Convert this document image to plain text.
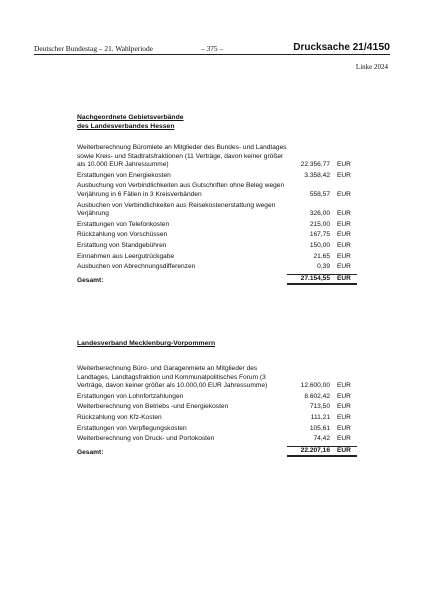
Deutscher Bundestag – 21. Wahlperiode	– 375 –	Drucksache 21/4150
Linke 2024
Nachgeordnete Gebietsverbände
des Landesverbandes Hessen
Weiterberechnung Büromiete an Mitglieder des Bundes- und Landtages sowie Kreis- und Stadtratsfraktionen (11 Verträge, davon keiner größer als 10.000 EUR Jahressumme)	22.356,77	EUR
Erstattungen von Energiekosten	3.358,42	EUR
Ausbuchung von Verbindlichkeiten aus Gutschriften ohne Beleg wegen Verjährung in 6 Fällen in 3 Kreisverbänden	558,57	EUR
Ausbuchen von Verbindlichkeiten aus Reisekostenerstattung wegen Verjährung	326,00	EUR
Erstattungen von Telefonkosten	215,00	EUR
Rückzahlung von Vorschüssen	167,75	EUR
Erstattung von Standgebühren	150,00	EUR
Einnahmen aus Leergutrückgabe	21,65	EUR
Ausbuchen von Abrechnungsdifferenzen	0,39	EUR
Gesamt:	27.154,55	EUR
Landesverband Mecklenburg-Vorpommern
Weiterberechnung Büro- und Garagenmiete an Mitglieder des Landtages, Landtagsfraktion und Kommunalpolitisches Forum (3 Verträge, davon keiner größer als 10.000,00 EUR Jahressumme)	12.600,00	EUR
Erstattungen von Lohnfortzahlungen	8.602,42	EUR
Weiterberechnung von Betriebs -und Energiekosten	713,50	EUR
Rückzahlung von Kfz-Kosten	111,21	EUR
Erstattungen von Verpflegungskosten	105,61	EUR
Weiterberechnung von Druck- und Portokosten	74,42	EUR
Gesamt:	22.207,16	EUR
